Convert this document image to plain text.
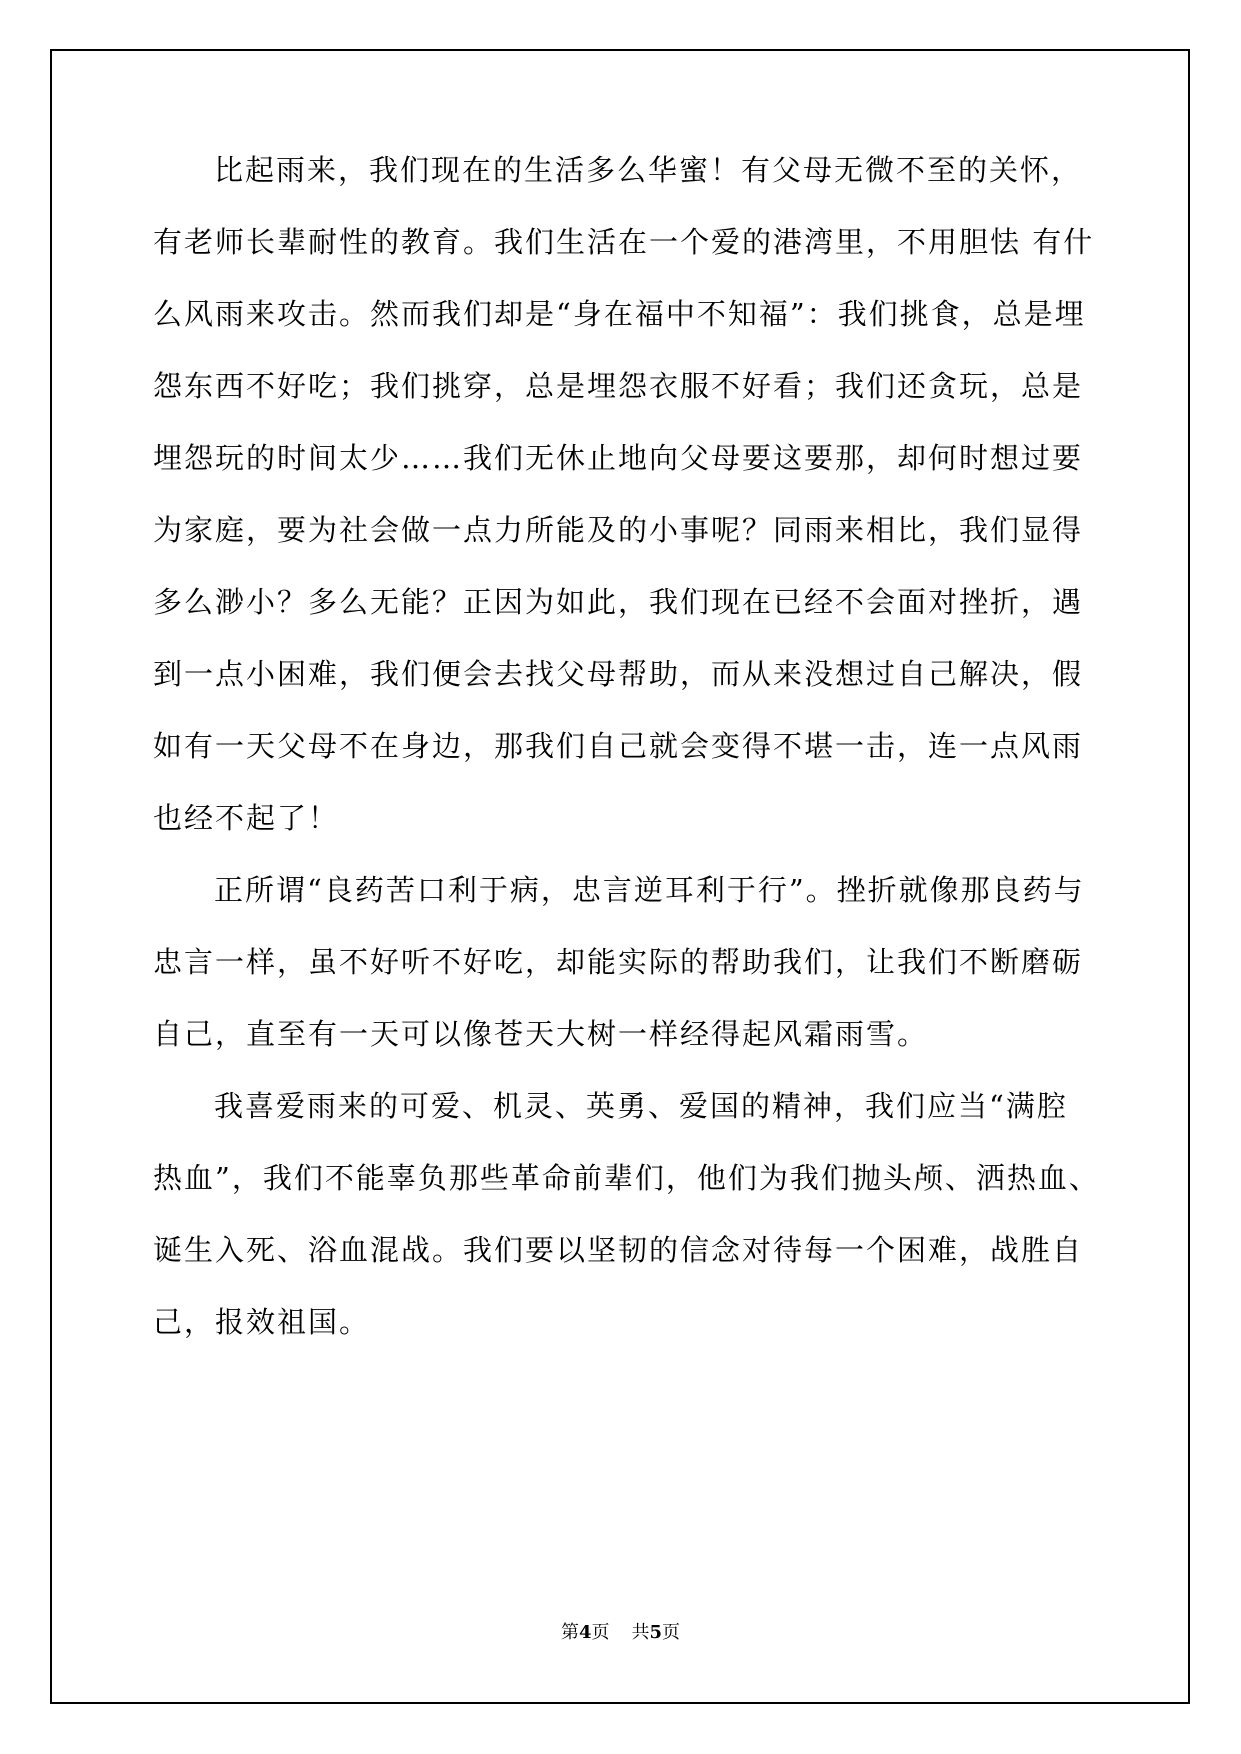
比起雨来，我们现在的生活多么华蜜！有父母无微不至的关怀，
有老师长辈耐性的教育。我们生活在一个爱的港湾里，不用胆怯 有什
么风雨来攻击。然而我们却是“身在福中不知福”：我们挑食，总是埋
怨东西不好吃；我们挑穿，总是埋怨衣服不好看；我们还贪玩，总是
埋怨玩的时间太少……我们无休止地向父母要这要那，却何时想过要
为家庭，要为社会做一点力所能及的小事呢？同雨来相比，我们显得
多么渺小？多么无能？正因为如此，我们现在已经不会面对挫折，遇
到一点小困难，我们便会去找父母帮助，而从来没想过自己解决，假
如有一天父母不在身边，那我们自己就会变得不堪一击，连一点风雨
也经不起了！
正所谓“良药苦口利于病，忠言逆耳利于行”。挫折就像那良药与
忠言一样，虽不好听不好吃，却能实际的帮助我们，让我们不断磨砺
自己，直至有一天可以像苍天大树一样经得起风霜雨雪。
我喜爱雨来的可爱、机灵、英勇、爱国的精神，我们应当“满腔
热血”，我们不能辜负那些革命前辈们，他们为我们抛头颅、洒热血、
诞生入死、浴血混战。我们要以坚韧的信念对待每一个困难，战胜自
己，报效祖国。
第4页 共5页
